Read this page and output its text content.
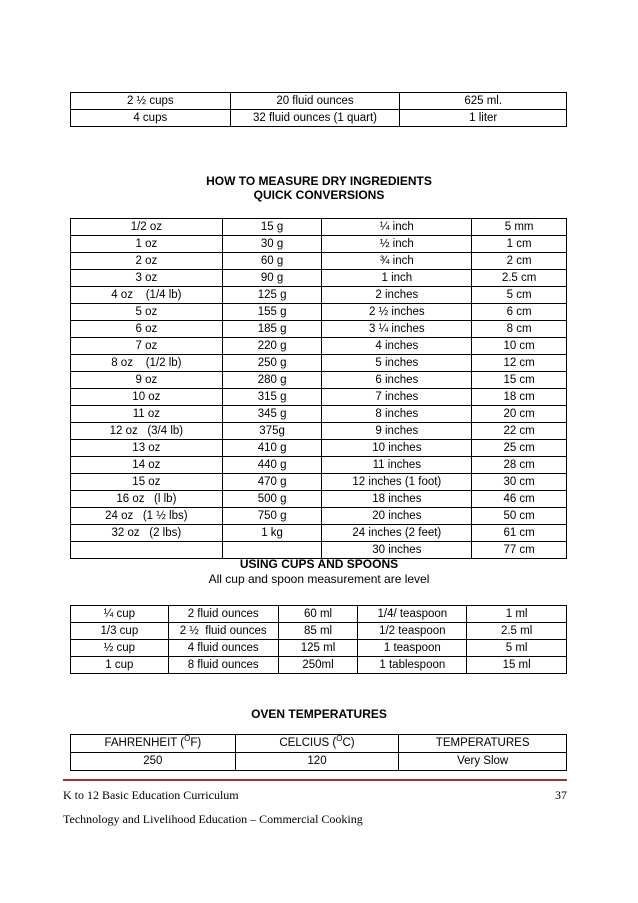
2 ½ cups	20 fluid ounces	625 ml.
4 cups	32 fluid ounces (1 quart)	1 liter
HOW TO MEASURE DRY INGREDIENTS
QUICK CONVERSIONS
1/2 oz	15 g	¼ inch	5 mm
1 oz	30 g	½ inch	1 cm
2 oz	60 g	¾ inch	2 cm
3 oz	90 g	1 inch	2.5 cm
4 oz    (1/4 lb)	125 g	2 inches	5 cm
5 oz	155 g	2 ½ inches	6 cm
6 oz	185 g	3 ¼ inches	8 cm
7 oz	220 g	4 inches	10 cm
8 oz    (1/2 lb)	250 g	5 inches	12 cm
9 oz	280 g	6 inches	15 cm
10 oz	315 g	7 inches	18 cm
11 oz	345 g	8 inches	20 cm
12 oz   (3/4 lb)	375g	9 inches	22 cm
13 oz	410 g	10 inches	25 cm
14 oz	440 g	11 inches	28 cm
15 oz	470 g	12 inches (1 foot)	30 cm
16 oz   (l lb)	500 g	18 inches	46 cm
24 oz   (1 ½ lbs)	750 g	20 inches	50 cm
32 oz   (2 lbs)	1 kg	24 inches (2 feet)	61 cm
		30 inches	77 cm
USING CUPS AND SPOONS
All cup and spoon measurement are level
¼ cup	2 fluid ounces	60 ml	1/4/ teaspoon	1 ml
1/3 cup	2 ½  fluid ounces	85 ml	1/2 teaspoon	2.5 ml
½ cup	4 fluid ounces	125 ml	1 teaspoon	5 ml
1 cup	8 fluid ounces	250ml	1 tablespoon	15 ml
OVEN TEMPERATURES
FAHRENHEIT ($^O$F)	CELCIUS ($^O$C)	TEMPERATURES
250	120	Very Slow
K to 12 Basic Education Curriculum	37
Technology and Livelihood Education – Commercial Cooking
